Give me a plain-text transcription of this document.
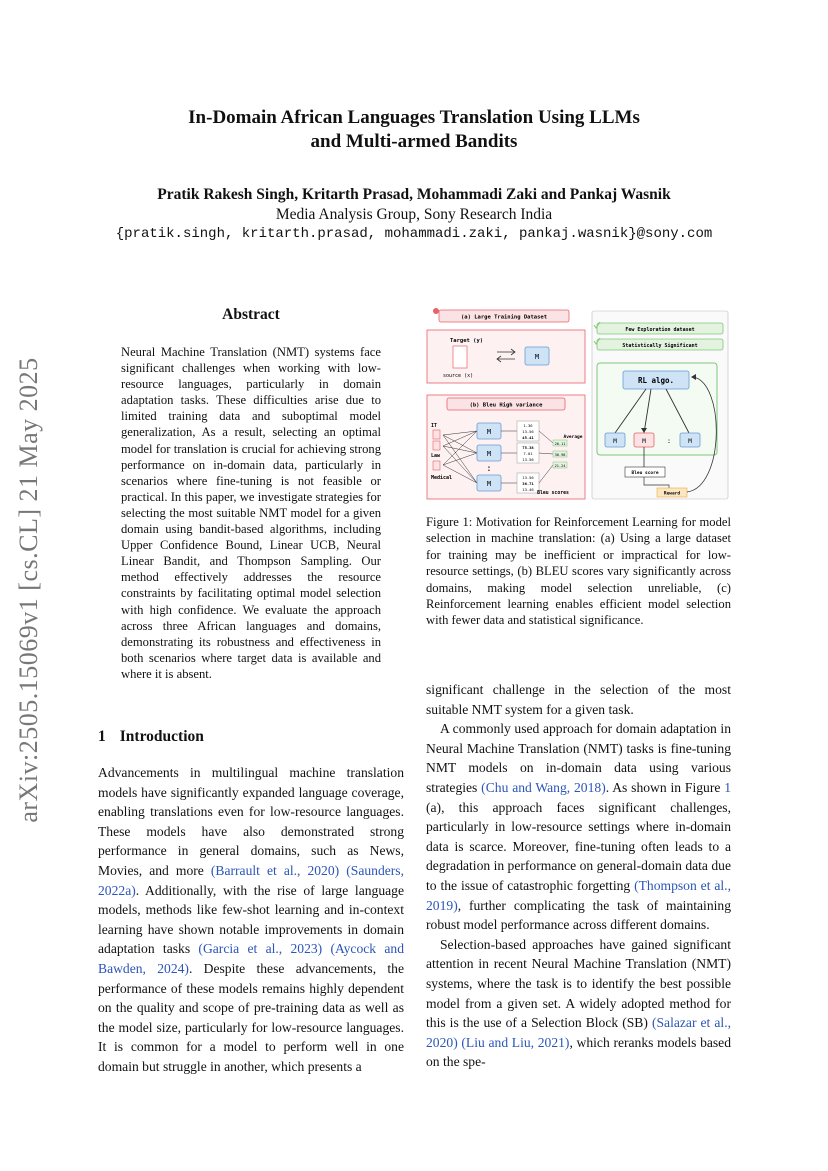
In-Domain African Languages Translation Using LLMs
and Multi-armed Bandits
Pratik Rakesh Singh, Kritarth Prasad, Mohammadi Zaki and Pankaj Wasnik
Media Analysis Group, Sony Research India
{pratik.singh, kritarth.prasad, mohammadi.zaki, pankaj.wasnik}@sony.com
arXiv:2505.15069v1 [cs.CL] 21 May 2025
Abstract
Neural Machine Translation (NMT) systems face significant challenges when working with low-resource languages, particularly in domain adaptation tasks. These difficulties arise due to limited training data and suboptimal model generalization, As a result, selecting an optimal model for translation is crucial for achieving strong performance on in-domain data, particularly in scenarios where fine-tuning is not feasible or practical. In this paper, we investigate strategies for selecting the most suitable NMT model for a given domain using bandit-based algorithms, including Upper Confidence Bound, Linear UCB, Neural Linear Bandit, and Thompson Sampling. Our method effectively addresses the resource constraints by facilitating optimal model selection with high confidence. We evaluate the approach across three African languages and domains, demonstrating its robustness and effectiveness in both scenarios where target data is available and where it is absent.
1 Introduction

Advancements in multilingual machine translation models have significantly expanded language coverage, enabling translations even for low-resource languages. These models have also demonstrated strong performance in general domains, such as News, Movies, and more (Barrault et al., 2020) (Saunders, 2022a). Additionally, with the rise of large language models, methods like few-shot learning and in-context learning have shown notable improvements in domain adaptation tasks (Garcia et al., 2023) (Aycock and Bawden, 2024). Despite these advancements, the performance of these models remains highly dependent on the quality and scope of pre-training data as well as the model size, particularly for low-resource languages. It is common for a model to perform well in one domain but struggle in another, which presents a

(a) Large Training Dataset
Target (y)
source (x)
M
(b) Bleu High variance
IT
Law
Medical
M
M
:
M
1.36
13.56
45.41
75.38
7.01
13.56
13.56
36.71
13.46
Average
20.11
30.98
21.24
Bleu scores
Few Exploration dataset
Statistically Significant
RL algo.
M	M	:	M
Bleu score
Reward
Figure 1: Motivation for Reinforcement Learning for model selection in machine translation: (a) Using a large dataset for training may be inefficient or impractical for low-resource settings, (b) BLEU scores vary significantly across domains, making model selection unreliable, (c) Reinforcement learning enables efficient model selection with fewer data and statistical significance.

significant challenge in the selection of the most suitable NMT system for a given task.

A commonly used approach for domain adaptation in Neural Machine Translation (NMT) tasks is fine-tuning NMT models on in-domain data using various strategies (Chu and Wang, 2018). As shown in Figure 1 (a), this approach faces significant challenges, particularly in low-resource settings where in-domain data is scarce. Moreover, fine-tuning often leads to a degradation in performance on general-domain data due to the issue of catastrophic forgetting (Thompson et al., 2019), further complicating the task of maintaining robust model performance across different domains.

Selection-based approaches have gained significant attention in recent Neural Machine Translation (NMT) systems, where the task is to identify the best possible model from a given set. A widely adopted method for this is the use of a Selection Block (SB) (Salazar et al., 2020) (Liu and Liu, 2021), which reranks models based on the spe-
